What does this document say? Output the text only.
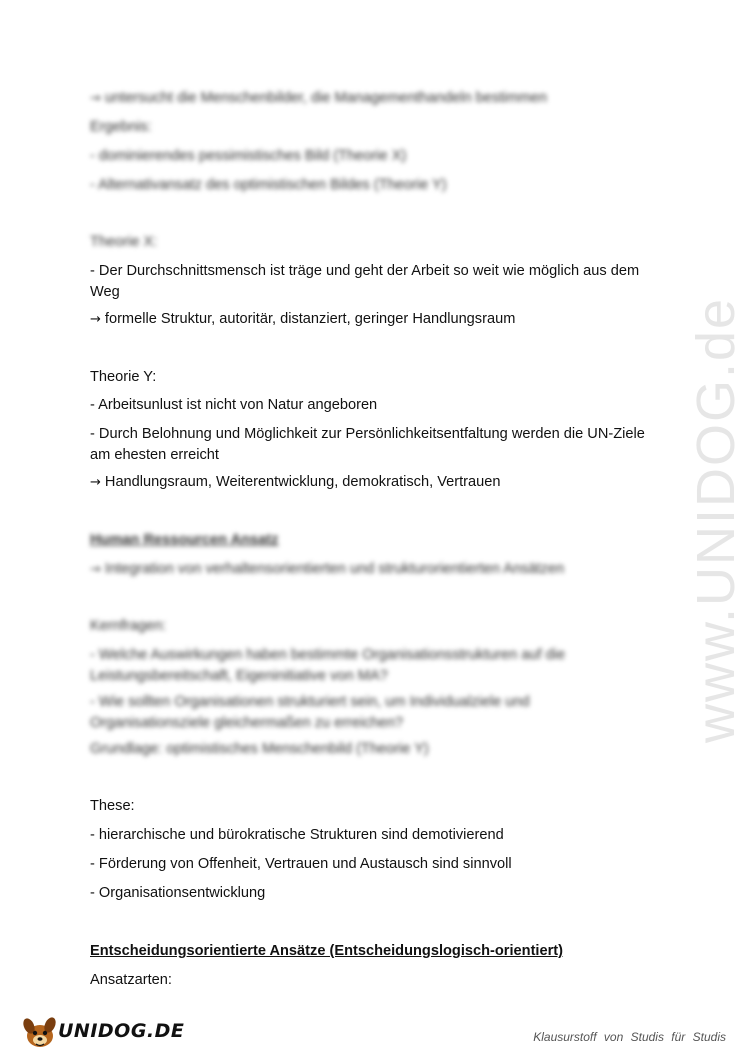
www.UNIDOG.de
→ untersucht die Menschenbilder, die Managementhandeln bestimmen
Ergebnis:
- dominierendes pessimistisches Bild (Theorie X)
- Alternativansatz des optimistischen Bildes (Theorie Y)
Theorie X:
- Der Durchschnittsmensch ist träge und geht der Arbeit so weit wie möglich aus dem Weg
→ formelle Struktur, autoritär, distanziert, geringer Handlungsraum
Theorie Y:
- Arbeitsunlust ist nicht von Natur angeboren
- Durch Belohnung und Möglichkeit zur Persönlichkeitsentfaltung werden die UN-Ziele am ehesten erreicht
→ Handlungsraum, Weiterentwicklung, demokratisch, Vertrauen
Human Ressourcen Ansatz
→ Integration von verhaltensorientierten und strukturorientierten Ansätzen
Kernfragen:
- Welche Auswirkungen haben bestimmte Organisationsstrukturen auf die
Leistungsbereitschaft, Eigeninitiative von MA?
- Wie sollten Organisationen strukturiert sein, um Individualziele und
Organisationsziele gleichermaßen zu erreichen?
Grundlage: optimistisches Menschenbild (Theorie Y)
These:
- hierarchische und bürokratische Strukturen sind demotivierend
- Förderung von Offenheit, Vertrauen und Austausch sind sinnvoll
- Organisationsentwicklung
Entscheidungsorientierte Ansätze (Entscheidungslogisch-orientiert)
Ansatzarten:
UNIDOG.DE	Klausurstoff von Studis für Studis
